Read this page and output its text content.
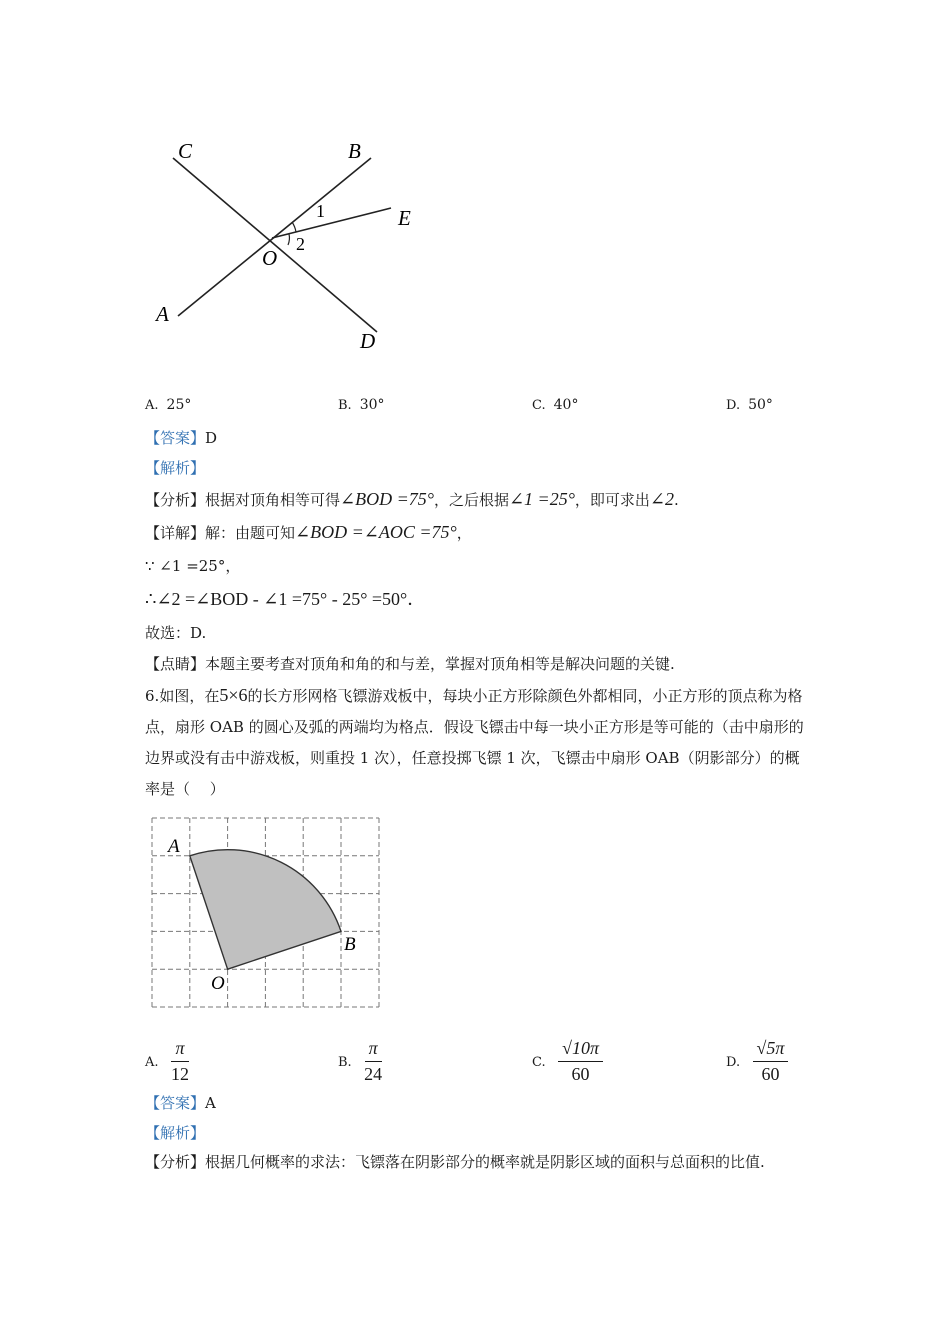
C	B
E
O
A
D
1
2
A. 25°	B. 30°	C. 40°	D. 50°
【答案】D
【解析】
【分析】根据对顶角相等可得∠BOD =75°，之后根据∠1 =25°，即可求出∠2.
【详解】解：由题可知∠BOD =∠AOC =75°，
∵ ∠1 =25°，
∴∠2 =∠BOD - ∠1 =75° - 25° =50°．
故选：D.
【点睛】本题主要考查对顶角和角的和与差，掌握对顶角相等是解决问题的关键.
6.如图，在5×6的长方形网格飞镖游戏板中，每块小正方形除颜色外都相同，小正方形的顶点称为格点，扇形 OAB 的圆心及弧的两端均为格点．假设飞镖击中每一块小正方形是等可能的（击中扇形的边界或没有击中游戏板，则重投 1 次），任意投掷飞镖 1 次，飞镖击中扇形 OAB（阴影部分）的概率是（　 ）
A
B
O
A. $\frac{\pi}{12}$	B. $\frac{\pi}{24}$	C. $\frac{√10\pi}{60}$	D. $\frac{√5\pi}{60}$
【答案】A
【解析】
【分析】根据几何概率的求法：飞镖落在阴影部分的概率就是阴影区域的面积与总面积的比值.
